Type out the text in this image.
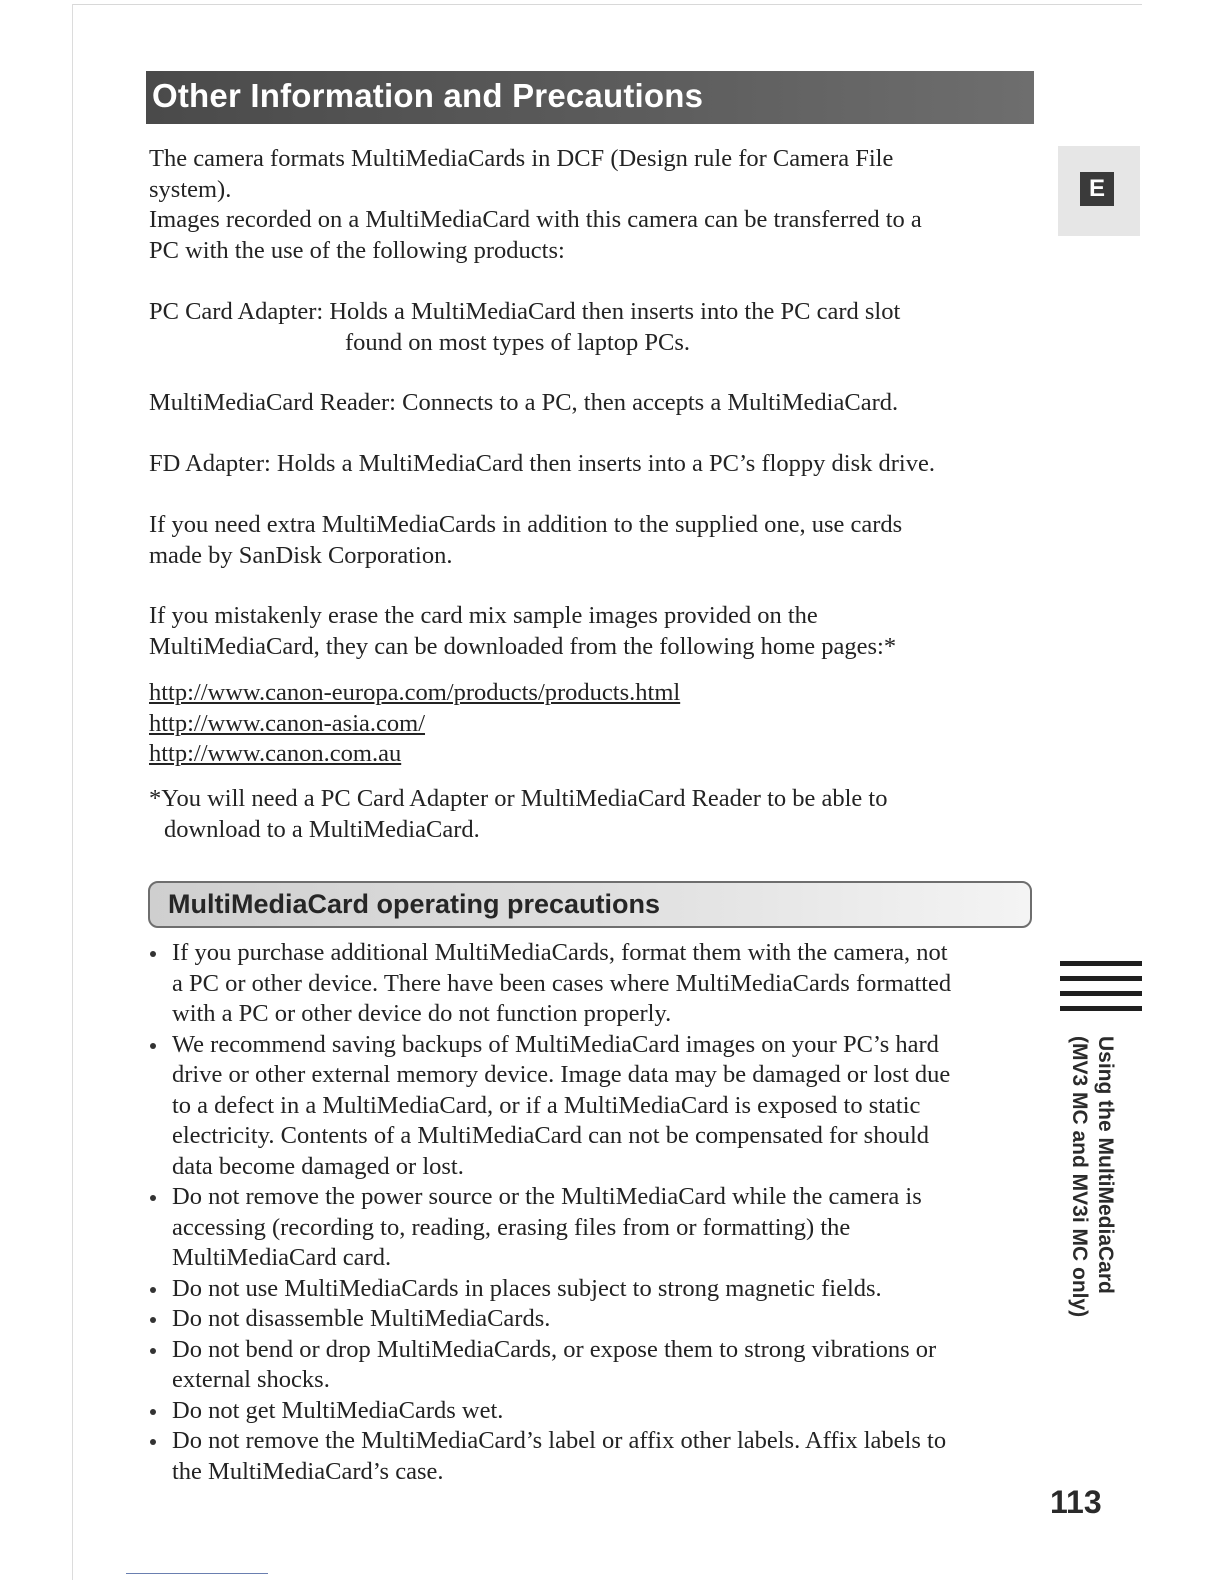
Other Information and Precautions
E

The camera formats MultiMediaCards in DCF (Design rule for Camera File
system).
Images recorded on a MultiMediaCard with this camera can be transferred to a
PC with the use of the following products:

PC Card Adapter: Holds a MultiMediaCard then inserts into the PC card slot
found on most types of laptop PCs.

MultiMediaCard Reader: Connects to a PC, then accepts a MultiMediaCard.

FD Adapter: Holds a MultiMediaCard then inserts into a PC’s floppy disk drive.

If you need extra MultiMediaCards in addition to the supplied one, use cards
made by SanDisk Corporation.

If you mistakenly erase the card mix sample images provided on the
MultiMediaCard, they can be downloaded from the following home pages:*

http://www.canon-europa.com/products/products.html
http://www.canon-asia.com/
http://www.canon.com.au

*You will need a PC Card Adapter or MultiMediaCard Reader to be able to
download to a MultiMediaCard.

MultiMediaCard operating precautions
If you purchase additional MultiMediaCards, format them with the camera, not
a PC or other device. There have been cases where MultiMediaCards formatted
with a PC or other device do not function properly.
We recommend saving backups of MultiMediaCard images on your PC’s hard
drive or other external memory device. Image data may be damaged or lost due
to a defect in a MultiMediaCard, or if a MultiMediaCard is exposed to static
electricity. Contents of a MultiMediaCard can not be compensated for should
data become damaged or lost.
Do not remove the power source or the MultiMediaCard while the camera is
accessing (recording to, reading, erasing files from or formatting) the
MultiMediaCard card.
Do not use MultiMediaCards in places subject to strong magnetic fields.
Do not disassemble MultiMediaCards.
Do not bend or drop MultiMediaCards, or expose them to strong vibrations or
external shocks.
Do not get MultiMediaCards wet.
Do not remove the MultiMediaCard’s label or affix other labels. Affix labels to
the MultiMediaCard’s case.
Using the MultiMediaCard
(MV3 MC and MV3i MC only)
113
